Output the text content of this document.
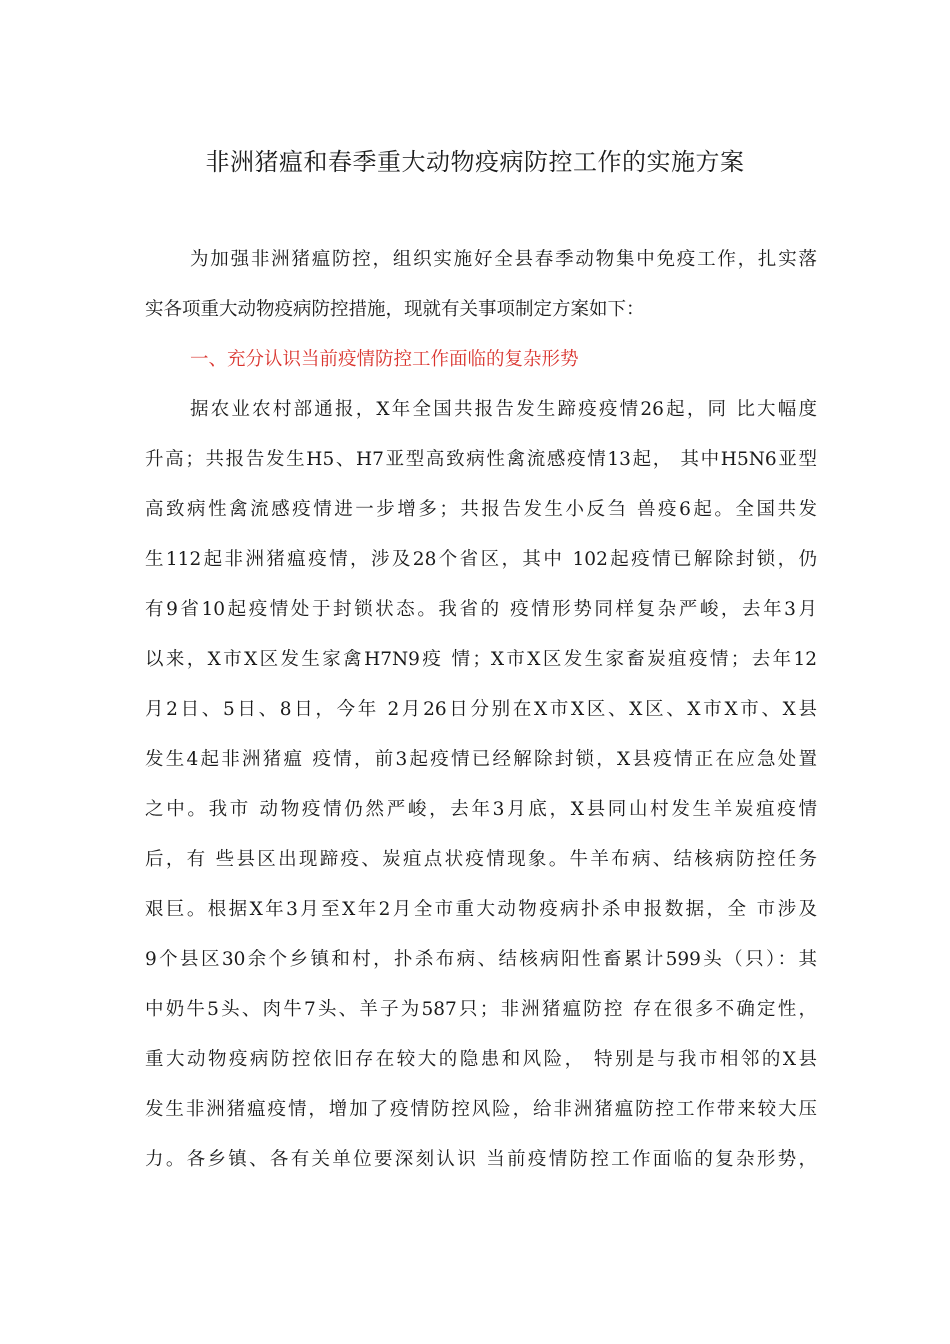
非洲猪瘟和春季重大动物疫病防控工作的实施方案
为加强非洲猪瘟防控，组织实施好全县春季动物集中免疫工作，扎实落
实各项重大动物疫病防控措施，现就有关事项制定方案如下：
一、充分认识当前疫情防控工作面临的复杂形势
据农业农村部通报，X年全国共报告发生蹄疫疫情26起，同 比大幅度
升高；共报告发生H5、H7亚型高致病性禽流感疫情13起， 其中H5N6亚型
高致病性禽流感疫情进一步增多；共报告发生小反刍 兽疫6起。全国共发
生112起非洲猪瘟疫情，涉及28个省区，其中 102起疫情已解除封锁，仍
有9省10起疫情处于封锁状态。我省的 疫情形势同样复杂严峻，去年3月
以来，X市X区发生家禽H7N9疫 情；X市X区发生家畜炭疽疫情；去年12
月2日、5日、8日，今年 2月26日分别在X市X区、X区、X市X市、X县
发生4起非洲猪瘟 疫情，前3起疫情已经解除封锁，X县疫情正在应急处置
之中。我市 动物疫情仍然严峻，去年3月底，X县同山村发生羊炭疽疫情
后，有 些县区出现蹄疫、炭疽点状疫情现象。牛羊布病、结核病防控任务
艰巨。根据X年3月至X年2月全市重大动物疫病扑杀申报数据，全 市涉及
9个县区30余个乡镇和村，扑杀布病、结核病阳性畜累计599头（只）：其
中奶牛5头、肉牛7头、羊子为587只；非洲猪瘟防控 存在很多不确定性，
重大动物疫病防控依旧存在较大的隐患和风险， 特别是与我市相邻的X县
发生非洲猪瘟疫情，增加了疫情防控风险，给非洲猪瘟防控工作带来较大压
力。各乡镇、各有关单位要深刻认识 当前疫情防控工作面临的复杂形势，
